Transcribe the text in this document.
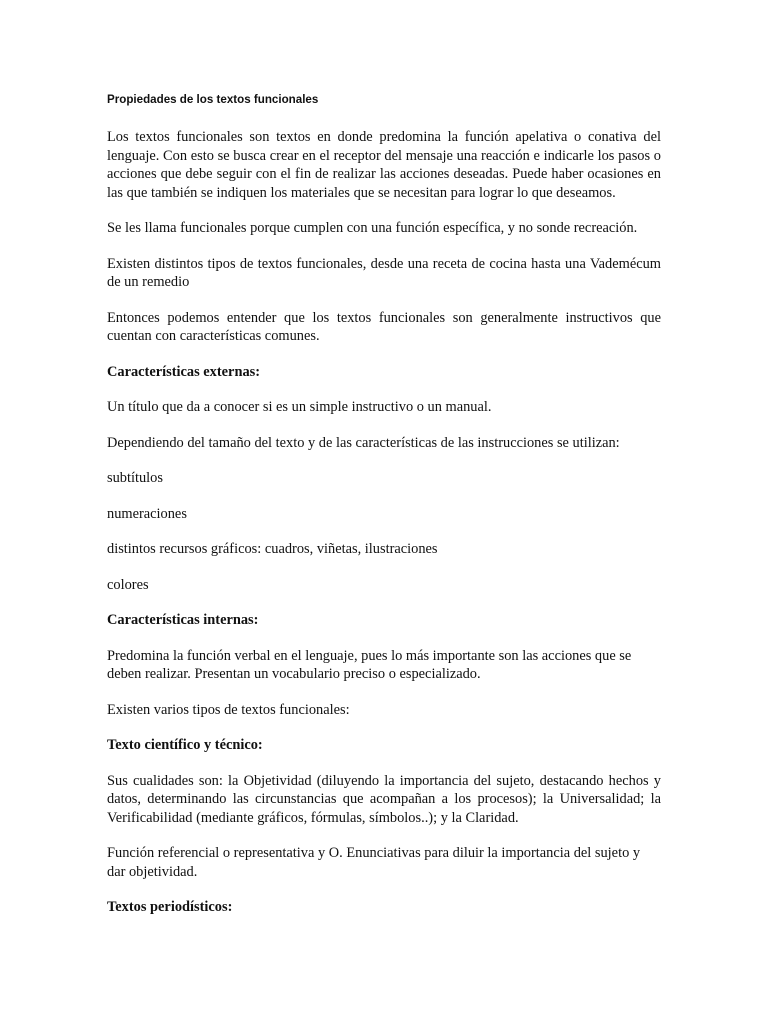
Propiedades de los textos funcionales

Los textos funcionales son textos en donde predomina la función apelativa o conativa del lenguaje. Con esto se busca crear en el receptor del mensaje una reacción e indicarle los pasos o acciones que debe seguir con el fin de realizar las acciones deseadas. Puede haber ocasiones en las que también se indiquen los materiales que se necesitan para lograr lo que deseamos.

Se les llama funcionales porque cumplen con una función específica, y no sonde recreación.

Existen distintos tipos de textos funcionales, desde una receta de cocina hasta una Vademécum de un remedio

Entonces podemos entender que los textos funcionales son generalmente instructivos que cuentan con características comunes.

Características externas:

Un título que da a conocer si es un simple instructivo o un manual.

Dependiendo del tamaño del texto y de las características de las instrucciones se utilizan:

subtítulos

numeraciones

distintos recursos gráficos: cuadros, viñetas, ilustraciones

colores

Características internas:

Predomina la función verbal en el lenguaje, pues lo más importante son las acciones que se deben realizar. Presentan un vocabulario preciso o especializado.

Existen varios tipos de textos funcionales:

Texto científico y técnico:

Sus cualidades son: la Objetividad (diluyendo la importancia del sujeto, destacando hechos y datos, determinando las circunstancias que acompañan a los procesos); la Universalidad; la Verificabilidad (mediante gráficos, fórmulas, símbolos..); y la Claridad.

Función referencial o representativa y O. Enunciativas para diluir la importancia del sujeto y dar objetividad.

Textos periodísticos:
